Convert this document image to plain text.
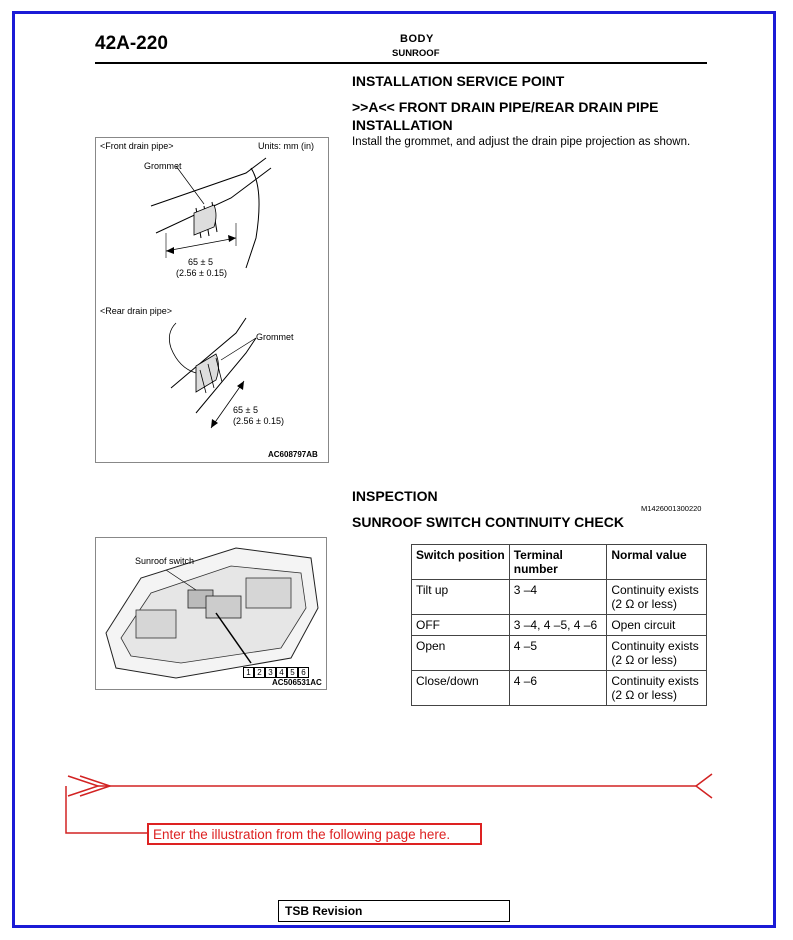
42A-220	BODY
SUNROOF
INSTALLATION SERVICE POINT
>>A<< FRONT DRAIN PIPE/REAR DRAIN PIPE
INSTALLATION
Install the grommet, and adjust the drain pipe projection as shown.
<Front drain pipe>	Units: mm (in)
Grommet
65 ± 5
(2.56 ± 0.15)
<Rear drain pipe>
Grommet
65 ± 5
(2.56 ± 0.15)
AC608797AB
INSPECTION
M1426001300220
SUNROOF SWITCH CONTINUITY CHECK
Sunroof switch
1 2 3 4 5 6
AC506531AC
Switch position	Terminal number	Normal value
Tilt up	3 –4	Continuity exists (2 Ω or less)
OFF	3 –4, 4 –5, 4 –6	Open circuit
Open	4 –5	Continuity exists (2 Ω or less)
Close/down	4 –6	Continuity exists (2 Ω or less)
Enter the illustration from the following page here.
TSB Revision
